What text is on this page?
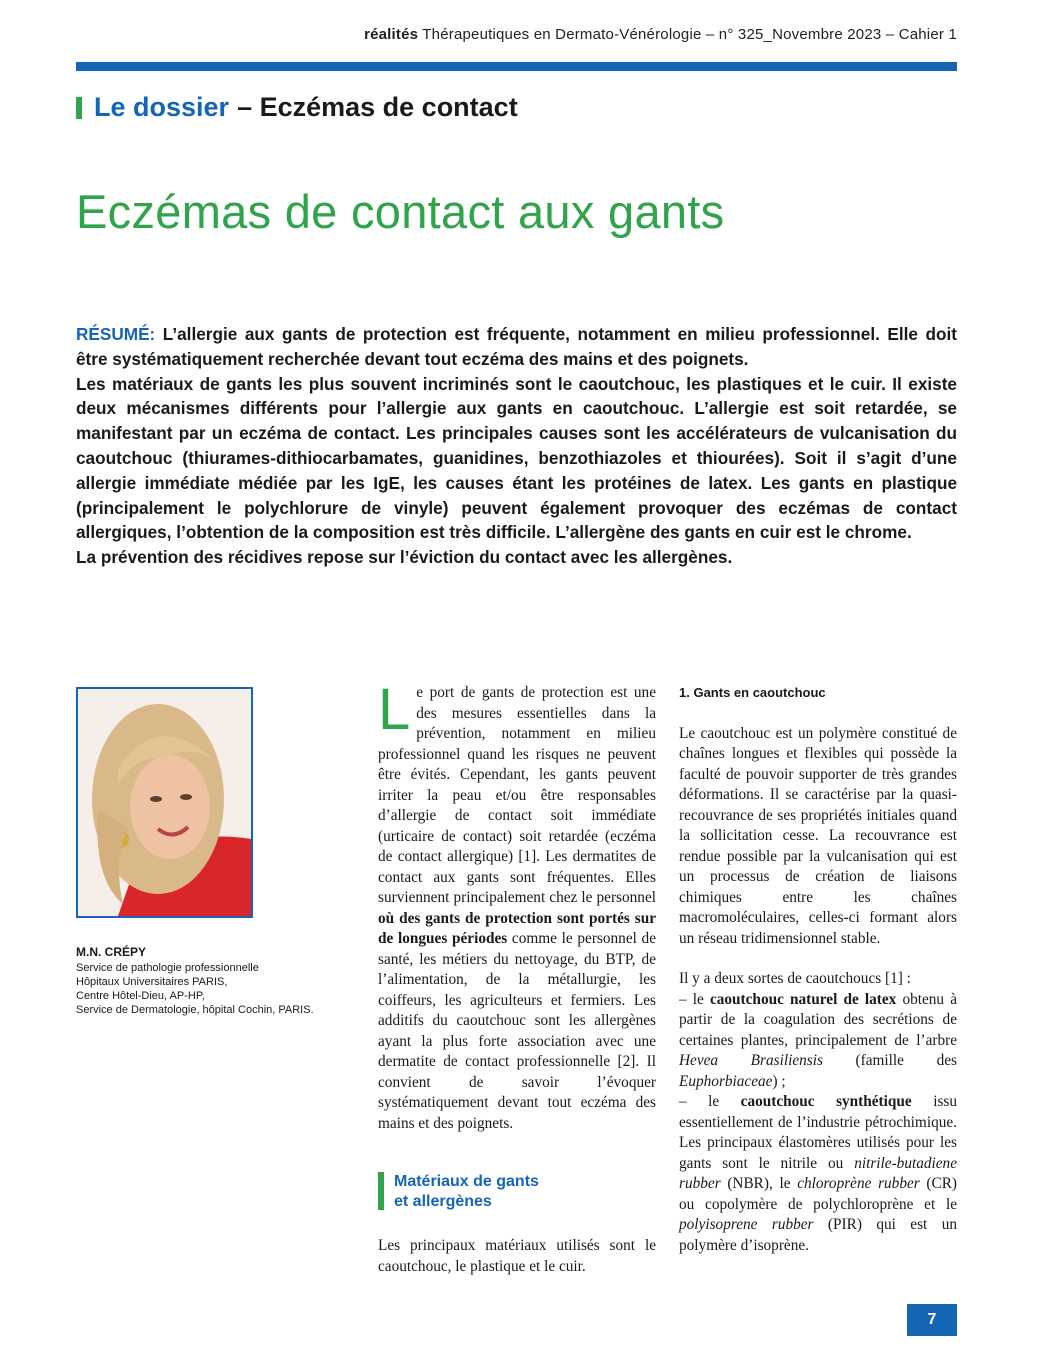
réalités Thérapeutiques en Dermato-Vénérologie – n° 325_Novembre 2023 – Cahier 1
Le dossier – Eczémas de contact
Eczémas de contact aux gants

RÉSUMÉ: L’allergie aux gants de protection est fréquente, notamment en milieu professionnel. Elle doit être systématiquement recherchée devant tout eczéma des mains et des poignets.

Les matériaux de gants les plus souvent incriminés sont le caoutchouc, les plastiques et le cuir. Il existe deux mécanismes différents pour l’allergie aux gants en caoutchouc. L’allergie est soit retardée, se manifestant par un eczéma de contact. Les principales causes sont les accélérateurs de vulcanisation du caoutchouc (thiurames-dithiocarbamates, guanidines, benzothiazoles et thiourées). Soit il s’agit d’une allergie immédiate médiée par les IgE, les causes étant les protéines de latex. Les gants en plastique (principalement le polychlorure de vinyle) peuvent également provoquer des eczémas de contact allergiques, l’obtention de la composition est très difficile. L’allergène des gants en cuir est le chrome.

La prévention des récidives repose sur l’éviction du contact avec les allergènes.

M.N. CRÉPY
Service de pathologie professionnelle
Hôpitaux Universitaires PARIS,
Centre Hôtel-Dieu, AP-HP,
Service de Dermatologie, hôpital Cochin, PARIS.

Le port de gants de protection est une des mesures essentielles dans la prévention, notamment en milieu professionnel quand les risques ne peuvent être évités. Cependant, les gants peuvent irriter la peau et/ou être responsables d’allergie de contact soit immédiate (urticaire de contact) soit retardée (eczéma de contact allergique) [1]. Les dermatites de contact aux gants sont fréquentes. Elles surviennent principalement chez le personnel où des gants de protection sont portés sur de longues périodes comme le personnel de santé, les métiers du nettoyage, du BTP, de l’alimentation, de la métallurgie, les coiffeurs, les agriculteurs et fermiers. Les additifs du caoutchouc sont les allergènes ayant la plus forte association avec une dermatite de contact professionnelle [2]. Il convient de savoir l’évoquer systématiquement devant tout eczéma des mains et des poignets.

Matériaux de gants
et allergènes

Les principaux matériaux utilisés sont le caoutchouc, le plastique et le cuir.

1. Gants en caoutchouc

Le caoutchouc est un polymère constitué de chaînes longues et flexibles qui possède la faculté de pouvoir supporter de très grandes déformations. Il se caractérise par la quasi-recouvrance de ses propriétés initiales quand la sollicitation cesse. La recouvrance est rendue possible par la vulcanisation qui est un processus de création de liaisons chimiques entre les chaînes macromoléculaires, celles-ci formant alors un réseau tridimensionnel stable.

Il y a deux sortes de caoutchoucs [1] :

– le caoutchouc naturel de latex obtenu à partir de la coagulation des secrétions de certaines plantes, principalement de l’arbre Hevea Brasiliensis (famille des Euphorbiaceae) ;

– le caoutchouc synthétique issu essentiellement de l’industrie pétrochimique. Les principaux élastomères utilisés pour les gants sont le nitrile ou nitrile-butadiene rubber (NBR), le chloroprène rubber (CR) ou copolymère de polychloroprène et le polyisoprene rubber (PIR) qui est un polymère d’isoprène.

7
